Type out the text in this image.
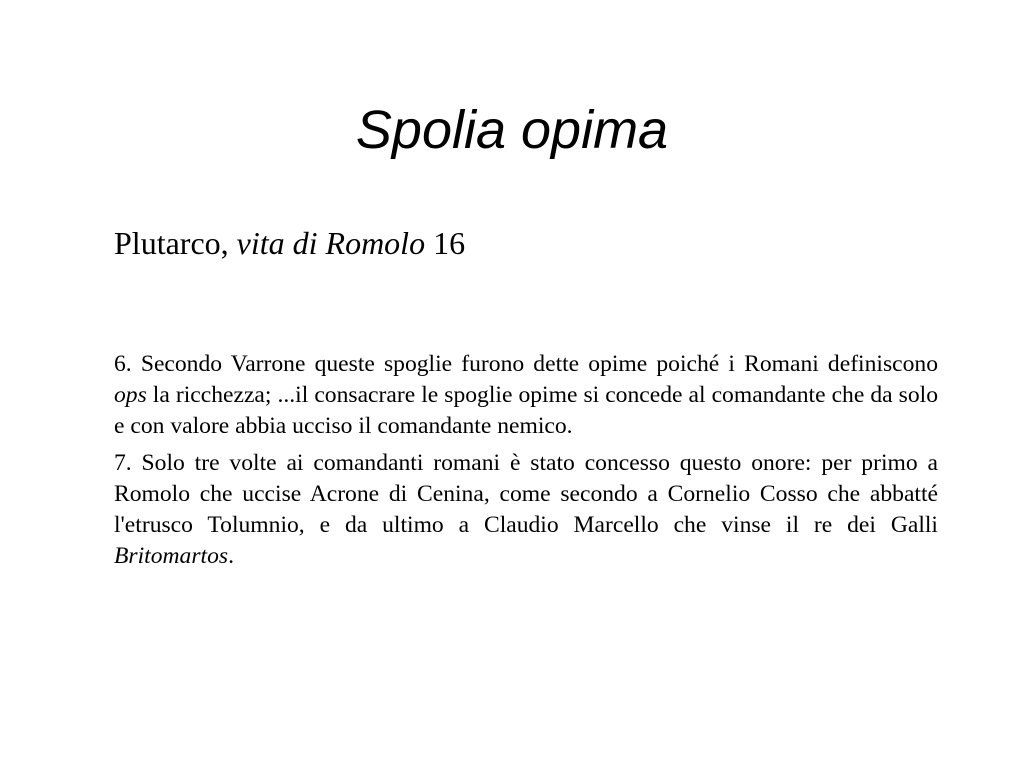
Spolia opima
Plutarco, vita di Romolo 16

6. Secondo Varrone queste spoglie furono dette opime poiché i Romani definiscono ops la ricchezza; ...il consacrare le spoglie opime si concede al comandante che da solo e con valore abbia ucciso il comandante nemico.

7. Solo tre volte ai comandanti romani è stato concesso questo onore: per primo a Romolo che uccise Acrone di Cenina, come secondo a Cornelio Cosso che abbatté l'etrusco Tolumnio, e da ultimo a Claudio Marcello che vinse il re dei Galli Britomartos.
